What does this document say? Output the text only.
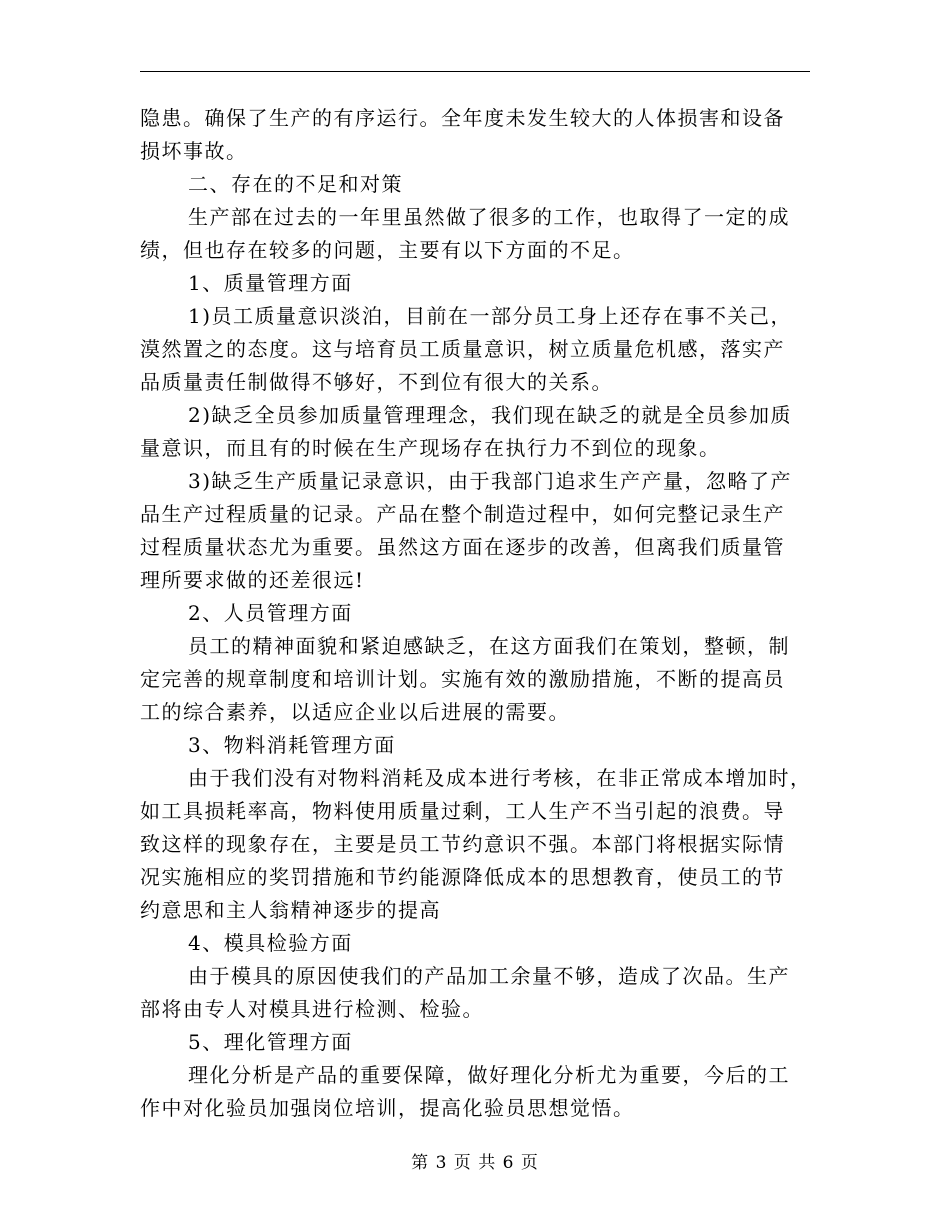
隐患。确保了生产的有序运行。全年度未发生较大的人体损害和设备
损坏事故。
二、存在的不足和对策
生产部在过去的一年里虽然做了很多的工作，也取得了一定的成
绩，但也存在较多的问题，主要有以下方面的不足。
1、质量管理方面
1)员工质量意识淡泊，目前在一部分员工身上还存在事不关己，
漠然置之的态度。这与培育员工质量意识，树立质量危机感，落实产
品质量责任制做得不够好，不到位有很大的关系。
2)缺乏全员参加质量管理理念，我们现在缺乏的就是全员参加质
量意识，而且有的时候在生产现场存在执行力不到位的现象。
3)缺乏生产质量记录意识，由于我部门追求生产产量，忽略了产
品生产过程质量的记录。产品在整个制造过程中，如何完整记录生产
过程质量状态尤为重要。虽然这方面在逐步的改善，但离我们质量管
理所要求做的还差很远!
2、人员管理方面
员工的精神面貌和紧迫感缺乏，在这方面我们在策划，整顿，制
定完善的规章制度和培训计划。实施有效的激励措施，不断的提高员
工的综合素养，以适应企业以后进展的需要。
3、物料消耗管理方面
由于我们没有对物料消耗及成本进行考核，在非正常成本增加时，
如工具损耗率高，物料使用质量过剩，工人生产不当引起的浪费。导
致这样的现象存在，主要是员工节约意识不强。本部门将根据实际情
况实施相应的奖罚措施和节约能源降低成本的思想教育，使员工的节
约意思和主人翁精神逐步的提高
4、模具检验方面
由于模具的原因使我们的产品加工余量不够，造成了次品。生产
部将由专人对模具进行检测、检验。
5、理化管理方面
理化分析是产品的重要保障，做好理化分析尤为重要，今后的工
作中对化验员加强岗位培训，提高化验员思想觉悟。
第 3 页 共 6 页
